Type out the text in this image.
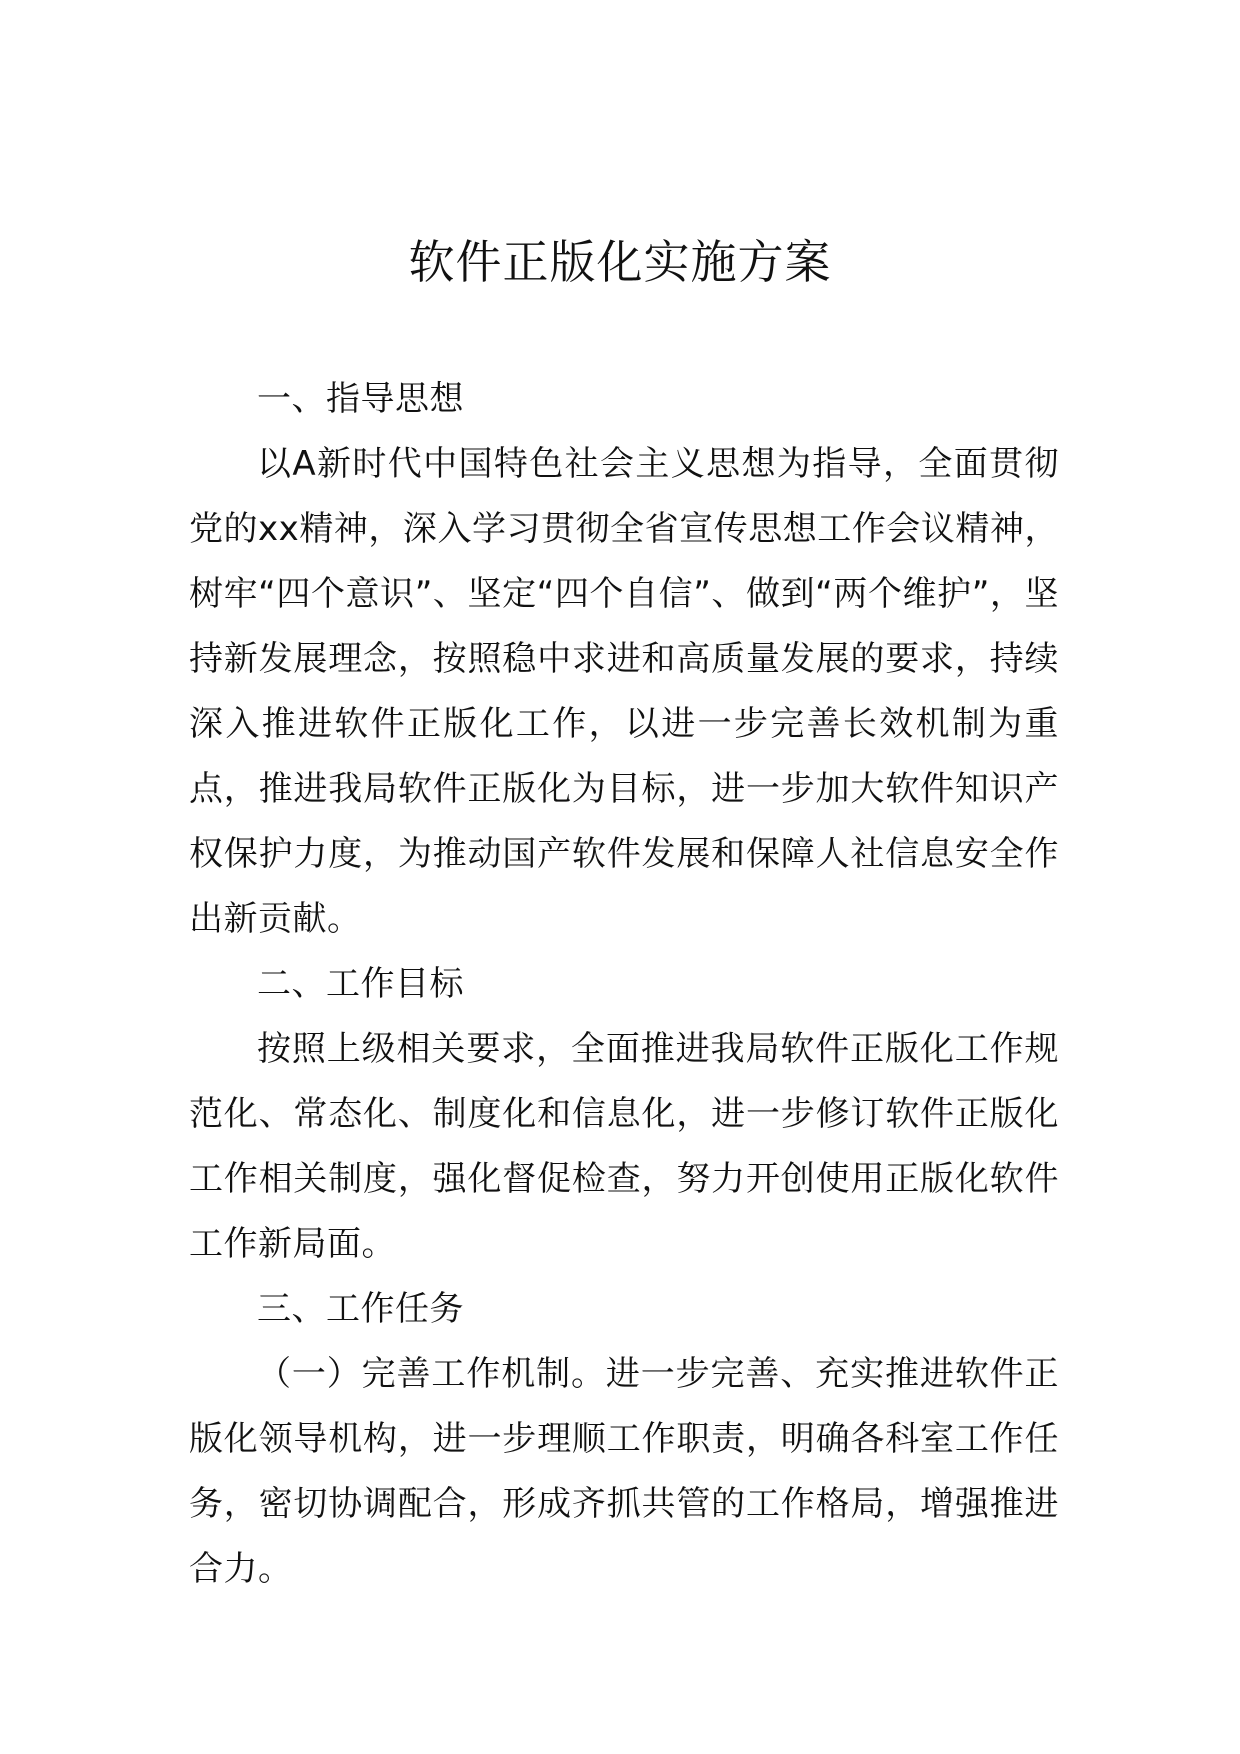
软件正版化实施方案

一、指导思想

以A新时代中国特色社会主义思想为指导，全面贯彻党的xx精神，深入学习贯彻全省宣传思想工作会议精神，树牢“四个意识”、坚定“四个自信”、做到“两个维护”，坚持新发展理念，按照稳中求进和高质量发展的要求，持续深入推进软件正版化工作，以进一步完善长效机制为重点，推进我局软件正版化为目标，进一步加大软件知识产权保护力度，为推动国产软件发展和保障人社信息安全作出新贡献。

二、工作目标

按照上级相关要求，全面推进我局软件正版化工作规范化、常态化、制度化和信息化，进一步修订软件正版化工作相关制度，强化督促检查，努力开创使用正版化软件工作新局面。

三、工作任务

（一）完善工作机制。进一步完善、充实推进软件正版化领导机构，进一步理顺工作职责，明确各科室工作任务，密切协调配合，形成齐抓共管的工作格局，增强推进合力。
